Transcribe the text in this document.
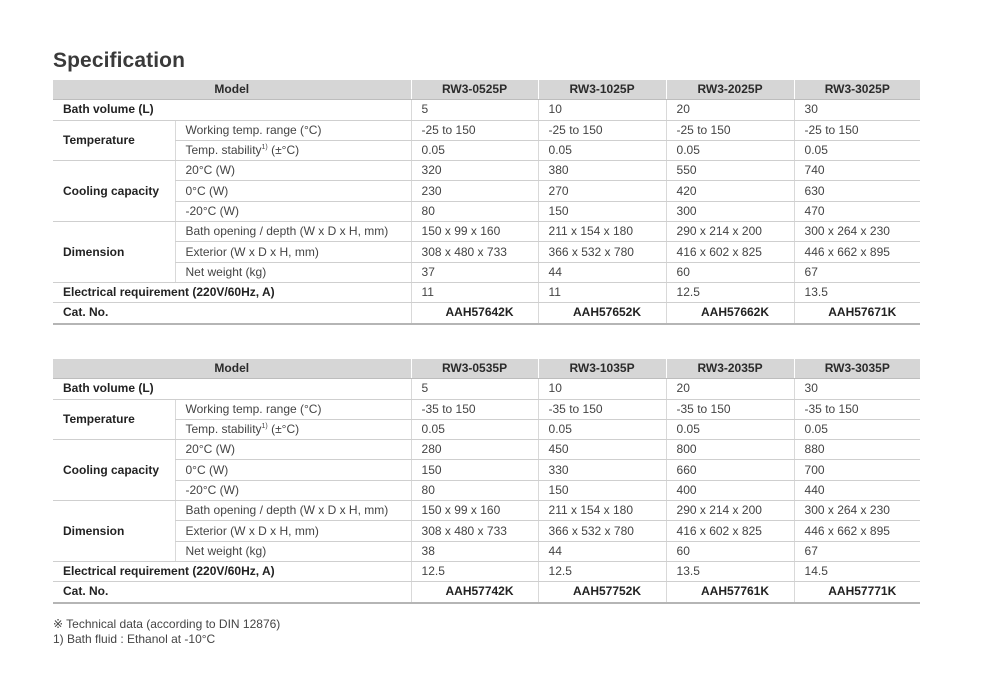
Specification
Model		RW3-0525P	RW3-1025P	RW3-2025P	RW3-3025P
Bath volume (L)		5	10	20	30
Temperature	Working temp. range (°C)	-25 to 150	-25 to 150	-25 to 150	-25 to 150
	Temp. stability$^{1)}$ (±°C)	0.05	0.05	0.05	0.05
Cooling capacity	20°C (W)	320	380	550	740
	0°C (W)	230	270	420	630
	-20°C (W)	80	150	300	470
Dimension	Bath opening / depth (W x D x H, mm)	150 x 99 x 160	211 x 154 x 180	290 x 214 x 200	300 x 264 x 230
	Exterior (W x D x H, mm)	308 x 480 x 733	366 x 532 x 780	416 x 602 x 825	446 x 662 x 895
	Net weight (kg)	37	44	60	67
Electrical requirement (220V/60Hz, A)		11	11	12.5	13.5
Cat. No.		AAH57642K	AAH57652K	AAH57662K	AAH57671K
Model		RW3-0535P	RW3-1035P	RW3-2035P	RW3-3035P
Bath volume (L)		5	10	20	30
Temperature	Working temp. range (°C)	-35 to 150	-35 to 150	-35 to 150	-35 to 150
	Temp. stability$^{1)}$ (±°C)	0.05	0.05	0.05	0.05
Cooling capacity	20°C (W)	280	450	800	880
	0°C (W)	150	330	660	700
	-20°C (W)	80	150	400	440
Dimension	Bath opening / depth (W x D x H, mm)	150 x 99 x 160	211 x 154 x 180	290 x 214 x 200	300 x 264 x 230
	Exterior (W x D x H, mm)	308 x 480 x 733	366 x 532 x 780	416 x 602 x 825	446 x 662 x 895
	Net weight (kg)	38	44	60	67
Electrical requirement (220V/60Hz, A)		12.5	12.5	13.5	14.5
Cat. No.		AAH57742K	AAH57752K	AAH57761K	AAH57771K
※ Technical data (according to DIN 12876)
1) Bath fluid : Ethanol at -10°C
